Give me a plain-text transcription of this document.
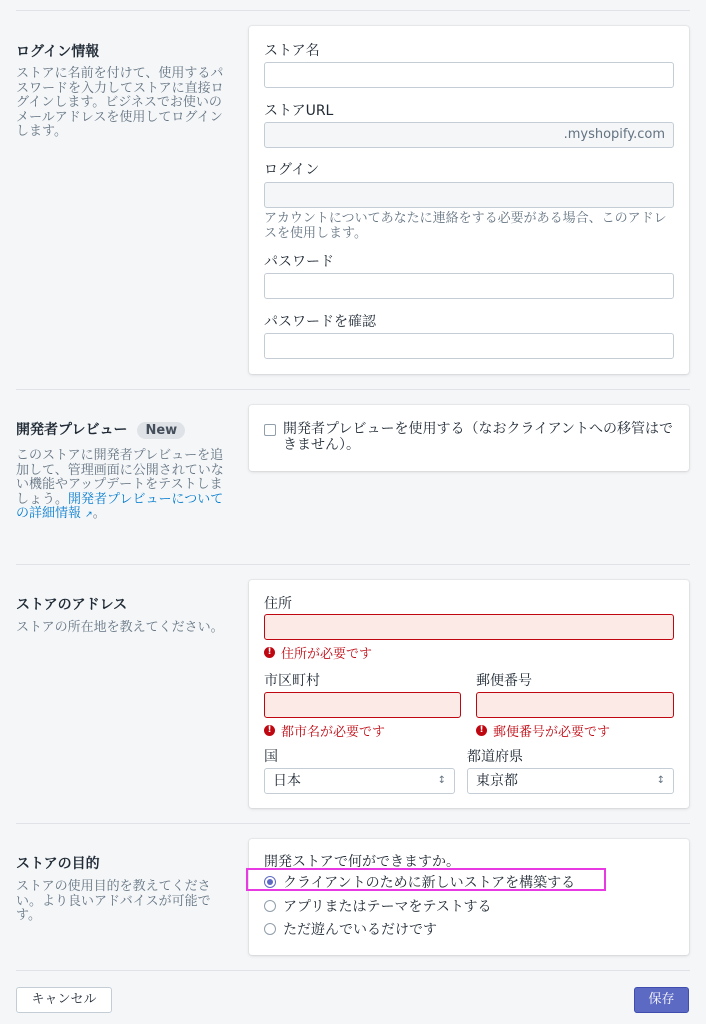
ログイン情報
ストアに名前を付けて、使用するパスワードを入力してストアに直接ログインします。ビジネスでお使いのメールアドレスを使用してログインします。
ストア名
ストアURL
.myshopify.com
ログイン
アカウントについてあなたに連絡をする必要がある場合、このアドレスを使用します。
パスワード
パスワードを確認
開発者プレビュー New
このストアに開発者プレビューを追加して、管理画面に公開されていない機能やアップデートをテストしましょう。開発者プレビューについての詳細情報 ↗。
開発者プレビューを使用する（なおクライアントへの移管はできません）。
ストアのアドレス
ストアの所在地を教えてください。
住所
! 住所が必要です
市区町村
! 都市名が必要です
郵便番号
! 郵便番号が必要です
国
日本	↕
都道府県
東京都	↕
ストアの目的
ストアの使用目的を教えてください。より良いアドバイスが可能です。
開発ストアで何ができますか。
クライアントのために新しいストアを構築する
アプリまたはテーマをテストする
ただ遊んでいるだけです
キャンセル	保存
